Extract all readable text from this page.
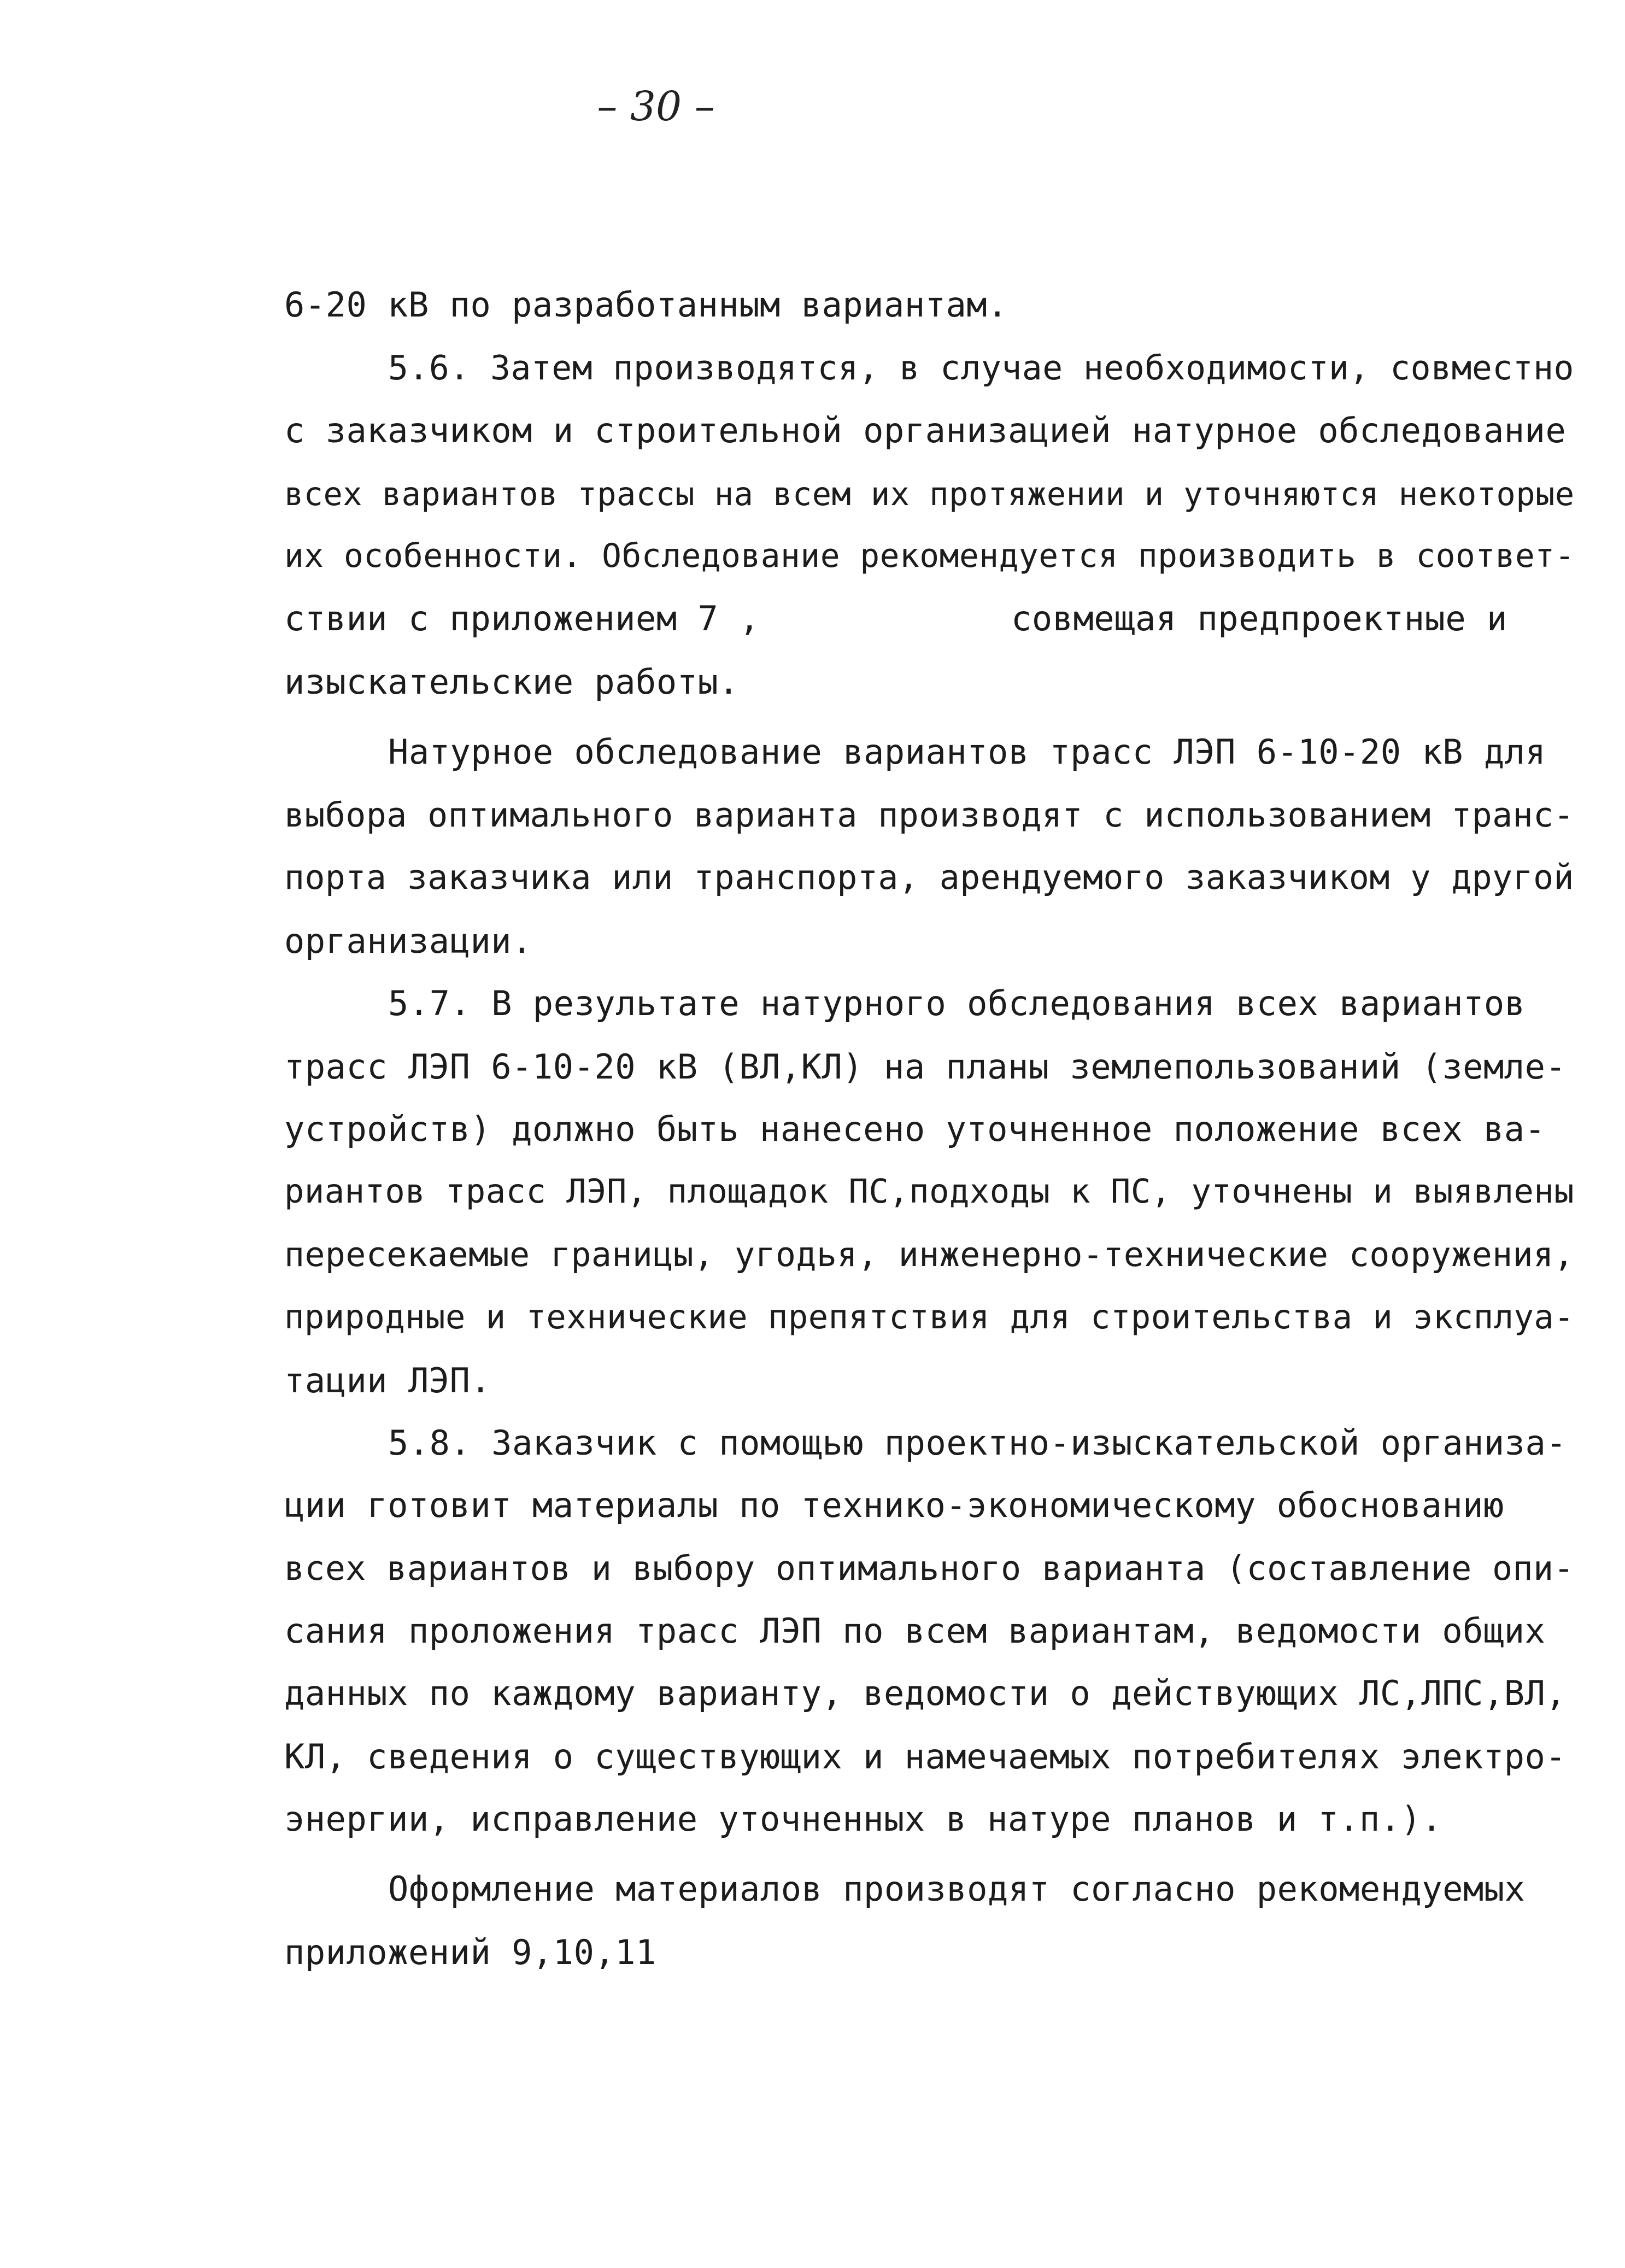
– 30 –
6-20 кВ по разработанным вариантам.
5.6. Затем производятся, в случае необходимости, совместно
с заказчиком и строительной организацией натурное обследование
всех вариантов трассы на всем их протяжении и уточняются некоторые
их особенности. Обследование рекомендуется производить в соответ-
ствии с приложением 7 ,	совмещая предпроектные и
изыскательские работы.
Натурное обследование вариантов трасс ЛЭП 6-10-20 кВ для
выбора оптимального варианта производят с использованием транс-
порта заказчика или транспорта, арендуемого заказчиком у другой
организации.
5.7. В результате натурного обследования всех вариантов
трасс ЛЭП 6-10-20 кВ (ВЛ,КЛ) на планы землепользований (земле-
устройств) должно быть нанесено уточненное положение всех ва-
риантов трасс ЛЭП, площадок ПС,подходы к ПС, уточнены и выявлены
пересекаемые границы, угодья, инженерно-технические сооружения,
природные и технические препятствия для строительства и эксплуа-
тации ЛЭП.
5.8. Заказчик с помощью проектно-изыскательской организа-
ции готовит материалы по технико-экономическому обоснованию
всех вариантов и выбору оптимального варианта (составление опи-
сания проложения трасс ЛЭП по всем вариантам, ведомости общих
данных по каждому варианту, ведомости о действующих ЛС,ЛПС,ВЛ,
КЛ, сведения о существующих и намечаемых потребителях электро-
энергии, исправление уточненных в натуре планов и т.п.).
Оформление материалов производят согласно рекомендуемых
приложений 9,10,11
